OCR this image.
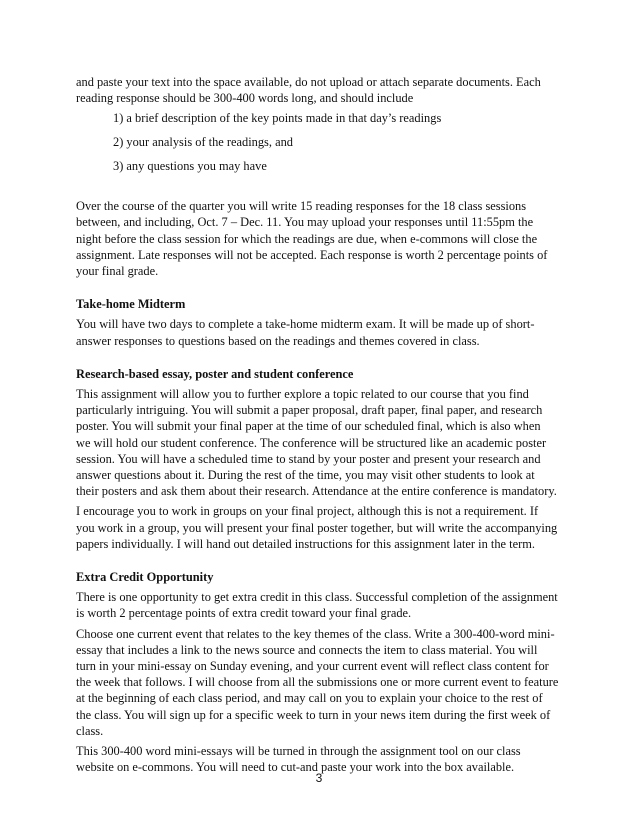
and paste your text into the space available, do not upload or attach separate documents. Each

reading response should be 300-400 words long, and should include

1) a brief description of the key points made in that day’s readings

2) your analysis of the readings, and

3) any questions you may have

Over the course of the quarter you will write 15 reading responses for the 18 class sessions

between, and including, Oct. 7 – Dec. 11. You may upload your responses until 11:55pm the

night before the class session for which the readings are due, when e-commons will close the

assignment. Late responses will not be accepted. Each response is worth 2 percentage points of

your final grade.

Take-home Midterm

You will have two days to complete a take-home midterm exam. It will be made up of short-

answer responses to questions based on the readings and themes covered in class.

Research-based essay, poster and student conference

This assignment will allow you to further explore a topic related to our course that you find

particularly intriguing. You will submit a paper proposal, draft paper, final paper, and research

poster. You will submit your final paper at the time of our scheduled final, which is also when

we will hold our student conference. The conference will be structured like an academic poster

session. You will have a scheduled time to stand by your poster and present your research and

answer questions about it. During the rest of the time, you may visit other students to look at

their posters and ask them about their research. Attendance at the entire conference is mandatory.

I encourage you to work in groups on your final project, although this is not a requirement. If

you work in a group, you will present your final poster together, but will write the accompanying

papers individually. I will hand out detailed instructions for this assignment later in the term.

Extra Credit Opportunity

There is one opportunity to get extra credit in this class. Successful completion of the assignment

is worth 2 percentage points of extra credit toward your final grade.

Choose one current event that relates to the key themes of the class. Write a 300-400-word mini-

essay that includes a link to the news source and connects the item to class material. You will

turn in your mini-essay on Sunday evening, and your current event will reflect class content for

the week that follows. I will choose from all the submissions one or more current event to feature

at the beginning of each class period, and may call on you to explain your choice to the rest of

the class. You will sign up for a specific week to turn in your news item during the first week of

class.

This 300-400 word mini-essays will be turned in through the assignment tool on our class

website on e-commons. You will need to cut-and paste your work into the box available.

3
